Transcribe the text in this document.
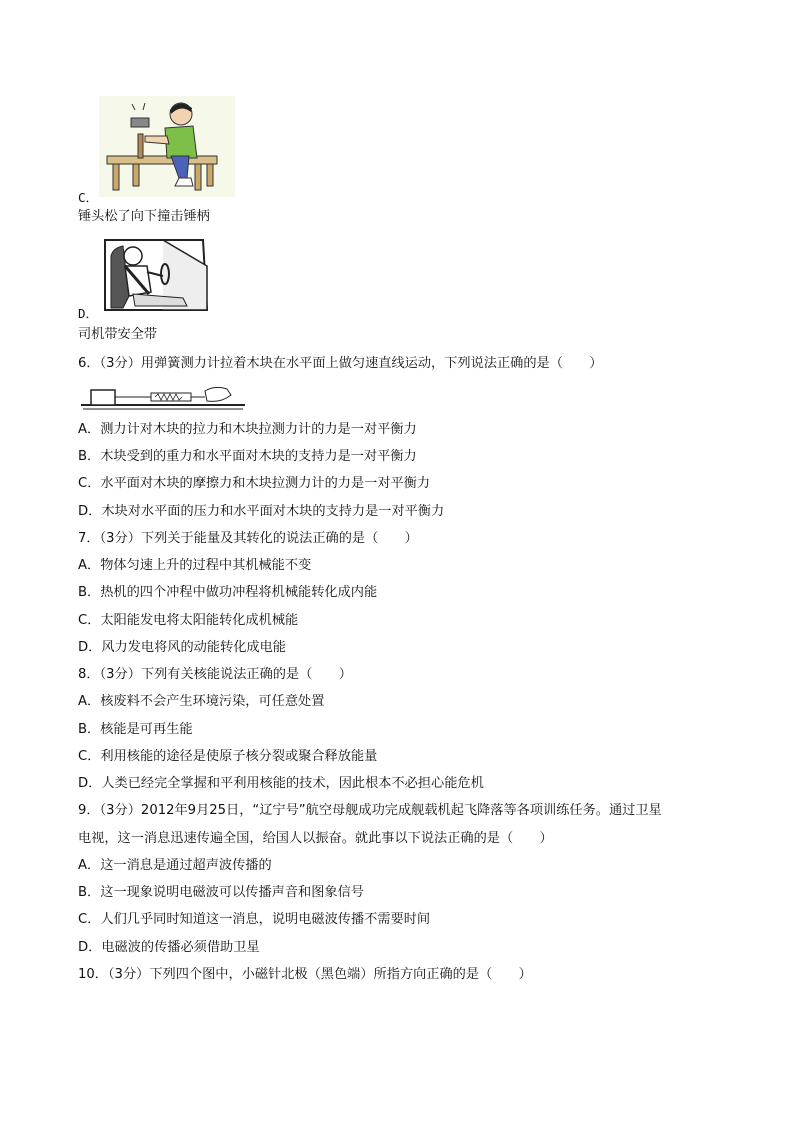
C．
锤头松了向下撞击锤柄
D．
司机带安全带
6．（3分）用弹簧测力计拉着木块在水平面上做匀速直线运动，下列说法正确的是（　　）
A．测力计对木块的拉力和木块拉测力计的力是一对平衡力
B．木块受到的重力和水平面对木块的支持力是一对平衡力
C．水平面对木块的摩擦力和木块拉测力计的力是一对平衡力
D．木块对水平面的压力和水平面对木块的支持力是一对平衡力
7．（3分）下列关于能量及其转化的说法正确的是（　　）
A．物体匀速上升的过程中其机械能不变
B．热机的四个冲程中做功冲程将机械能转化成内能
C．太阳能发电将太阳能转化成机械能
D．风力发电将风的动能转化成电能
8．（3分）下列有关核能说法正确的是（　　）
A．核废料不会产生环境污染，可任意处置
B．核能是可再生能
C．利用核能的途径是使原子核分裂或聚合释放能量
D．人类已经完全掌握和平利用核能的技术，因此根本不必担心能危机
9．（3分）2012年9月25日，“辽宁号”航空母舰成功完成舰载机起飞降落等各项训练任务。通过卫星
电视，这一消息迅速传遍全国，给国人以振奋。就此事以下说法正确的是（　　）
A．这一消息是通过超声波传播的
B．这一现象说明电磁波可以传播声音和图象信号
C．人们几乎同时知道这一消息，说明电磁波传播不需要时间
D．电磁波的传播必须借助卫星
10．（3分）下列四个图中，小磁针北极（黑色端）所指方向正确的是（　　）
